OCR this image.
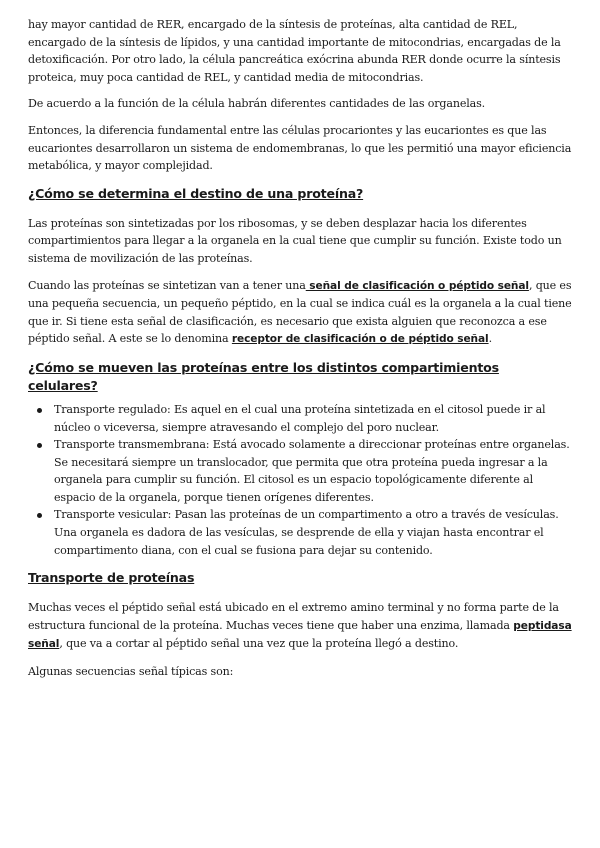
hay mayor cantidad de RER, encargado de la síntesis de proteínas, alta cantidad de REL, encargado de la síntesis de lípidos, y una cantidad importante de mitocondrias, encargadas de la detoxificación. Por otro lado, la célula pancreática exócrina abunda RER donde ocurre la síntesis proteica, muy poca cantidad de REL, y cantidad media de mitocondrias.

De acuerdo a la función de la célula habrán diferentes cantidades de las organelas.

Entonces, la diferencia fundamental entre las células procariontes y las eucariontes es que las eucariontes desarrollaron un sistema de endomembranas, lo que les permitió una mayor eficiencia metabólica, y mayor complejidad.

¿Cómo se determina el destino de una proteína?

Las proteínas son sintetizadas por los ribosomas, y se deben desplazar hacia los diferentes compartimientos para llegar a la organela en la cual tiene que cumplir su función. Existe todo un sistema de movilización de las proteínas.

Cuando las proteínas se sintetizan van a tener una señal de clasificación o péptido señal, que es una pequeña secuencia, un pequeño péptido, en la cual se indica cuál es la organela a la cual tiene que ir. Si tiene esta señal de clasificación, es necesario que exista alguien que reconozca a ese péptido señal. A este se lo denomina receptor de clasificación o de péptido señal.

¿Cómo se mueven las proteínas entre los distintos compartimientos celulares?
Transporte regulado: Es aquel en el cual una proteína sintetizada en el citosol puede ir al núcleo o viceversa, siempre atravesando el complejo del poro nuclear.
Transporte transmembrana: Está avocado solamente a direccionar proteínas entre organelas. Se necesitará siempre un translocador, que permita que otra proteína pueda ingresar a la organela para cumplir su función. El citosol es un espacio topológicamente diferente al espacio de la organela, porque tienen orígenes diferentes.
Transporte vesicular: Pasan las proteínas de un compartimento a otro a través de vesículas. Una organela es dadora de las vesículas, se desprende de ella y viajan hasta encontrar el compartimento diana, con el cual se fusiona para dejar su contenido.
Transporte de proteínas

Muchas veces el péptido señal está ubicado en el extremo amino terminal y no forma parte de la estructura funcional de la proteína. Muchas veces tiene que haber una enzima, llamada peptidasa señal, que va a cortar al péptido señal una vez que la proteína llegó a destino.

Algunas secuencias señal típicas son:
